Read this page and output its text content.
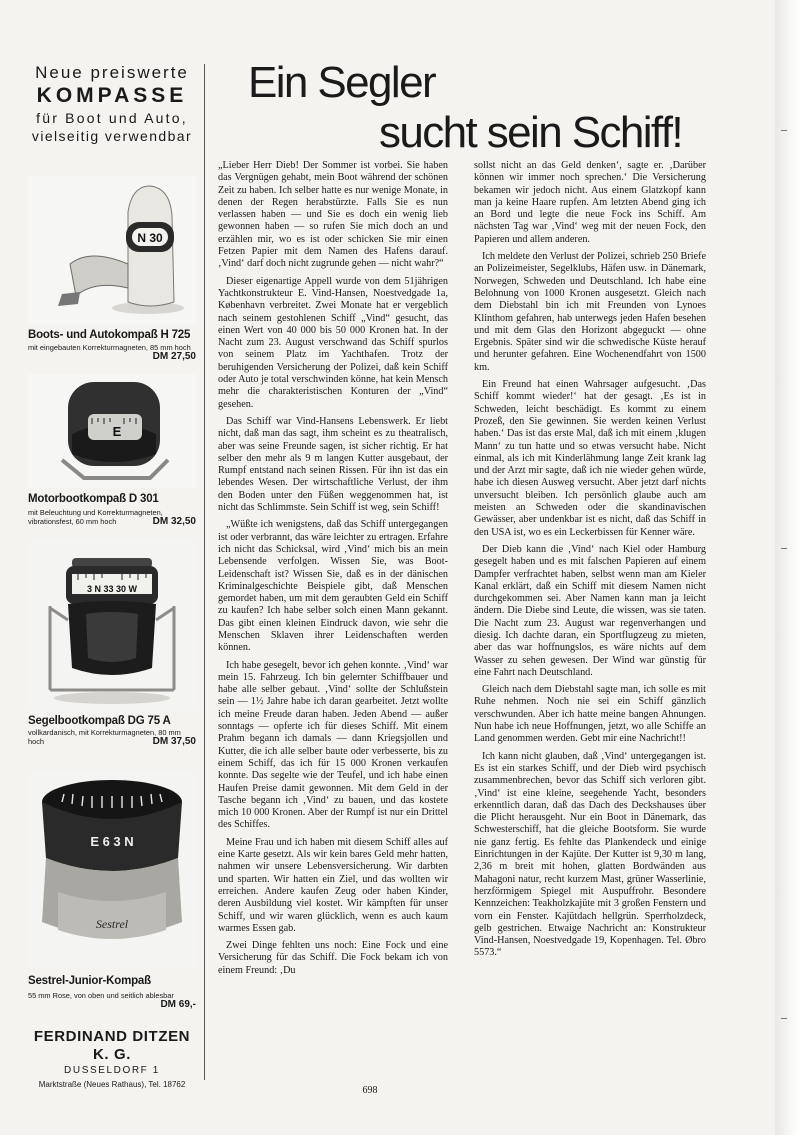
Neue preiswerte
KOMPASSE
für Boot und Auto,
vielseitig verwendbar
N 30
Boots- und Autokompaß H 725
mit eingebauten Korrekturmagneten, 85 mm hoch
DM 27,50
E
Motorbootkompaß D 301
mit Beleuchtung und Korrekturmagneten, vibrationsfest, 60 mm hoch	DM 32,50
3 N 33 30 W
Segelbootkompaß DG 75 A
vollkardanisch, mit Korrekturmagneten, 80 mm hoch	DM 37,50
E 6 3 N
Sestrel
Sestrel-Junior-Kompaß
55 mm Rose, von oben und seitlich ablesbar
DM 69,-
FERDINAND DITZEN K. G.
DUSSELDORF 1
Marktstraße (Neues Rathaus), Tel. 18762
Ein Segler
sucht sein Schiff!

„Lieber Herr Dieb! Der Sommer ist vorbei. Sie haben das Vergnügen gehabt, mein Boot während der schönen Zeit zu haben. Ich selber hatte es nur wenige Monate, in denen der Regen herabstürzte. Falls Sie es nun verlassen haben — und Sie es doch ein wenig lieb gewonnen haben — so rufen Sie mich doch an und erzählen mir, wo es ist oder schicken Sie mir einen Fetzen Papier mit dem Namen des Hafens darauf. ‚Vind‘ darf doch nicht zugrunde gehen — nicht wahr?“

Dieser eigenartige Appell wurde von dem 51jährigen Yachtkonstrukteur E. Vind-Hansen, Noestvedgade 1a, København verbreitet. Zwei Monate hat er vergeblich nach seinem gestohlenen Schiff „Vind“ gesucht, das einen Wert von 40 000 bis 50 000 Kronen hat. In der Nacht zum 23. August verschwand das Schiff spurlos von seinem Platz im Yachthafen. Trotz der beruhigenden Versicherung der Polizei, daß kein Schiff oder Auto je total verschwinden könne, hat kein Mensch mehr die charakteristischen Konturen der „Vind“ gesehen.

Das Schiff war Vind-Hansens Lebenswerk. Er liebt nicht, daß man das sagt, ihm scheint es zu theatralisch, aber was seine Freunde sagen, ist sicher richtig. Er hat selber den mehr als 9 m langen Kutter ausgebaut, der Rumpf entstand nach seinen Rissen. Für ihn ist das ein lebendes Wesen. Der wirtschaftliche Verlust, der ihm den Boden unter den Füßen weggenommen hat, ist nicht das Schlimmste. Sein Schiff ist weg, sein Schiff!

„Wüßte ich wenigstens, daß das Schiff untergegangen ist oder verbrannt, das wäre leichter zu ertragen. Erfahre ich nicht das Schicksal, wird ‚Vind‘ mich bis an mein Lebensende verfolgen. Wissen Sie, was Boot-Leidenschaft ist? Wissen Sie, daß es in der dänischen Kriminalgeschichte Beispiele gibt, daß Menschen gemordet haben, um mit dem geraubten Geld ein Schiff zu kaufen? Ich habe selber solch einen Mann gekannt. Das gibt einen kleinen Eindruck davon, wie sehr die Menschen Sklaven ihrer Leidenschaften werden können.

Ich habe gesegelt, bevor ich gehen konnte. ‚Vind‘ war mein 15. Fahrzeug. Ich bin gelernter Schiffbauer und habe alle selber gebaut. ‚Vind‘ sollte der Schlußstein sein — 1½ Jahre habe ich daran gearbeitet. Jetzt wollte ich meine Freude daran haben. Jeden Abend — außer sonntags — opferte ich für dieses Schiff. Mit einem Prahm begann ich damals — dann Kriegsjollen und Kutter, die ich alle selber baute oder verbesserte, bis zu einem Schiff, das ich für 15 000 Kronen verkaufen konnte. Das segelte wie der Teufel, und ich habe einen Haufen Preise damit gewonnen. Mit dem Geld in der Tasche begann ich ‚Vind‘ zu bauen, und das kostete mich 10 000 Kronen. Aber der Rumpf ist nur ein Drittel des Schiffes.

Meine Frau und ich haben mit diesem Schiff alles auf eine Karte gesetzt. Als wir kein bares Geld mehr hatten, nahmen wir unsere Lebensversicherung. Wir darbten und sparten. Wir hatten ein Ziel, und das wollten wir erreichen. Andere kaufen Zeug oder haben Kinder, deren Ausbildung viel kostet. Wir kämpften für unser Schiff, und wir waren glücklich, wenn es auch kaum warmes Essen gab.

Zwei Dinge fehlten uns noch: Eine Fock und eine Versicherung für das Schiff. Die Fock bekam ich von einem Freund: ‚Du

sollst nicht an das Geld denken‘, sagte er. ‚Darüber können wir immer noch sprechen.‘ Die Versicherung bekamen wir jedoch nicht. Aus einem Glatzkopf kann man ja keine Haare rupfen. Am letzten Abend ging ich an Bord und legte die neue Fock ins Schiff. Am nächsten Tag war ‚Vind‘ weg mit der neuen Fock, den Papieren und allem anderen.

Ich meldete den Verlust der Polizei, schrieb 250 Briefe an Polizeimeister, Segelklubs, Häfen usw. in Dänemark, Norwegen, Schweden und Deutschland. Ich habe eine Belohnung von 1000 Kronen ausgesetzt. Gleich nach dem Diebstahl bin ich mit Freunden von Lynoes Klinthom gefahren, hab unterwegs jeden Hafen besehen und mit dem Glas den Horizont abgeguckt — ohne Ergebnis. Später sind wir die schwedische Küste herauf und herunter gefahren. Eine Wochenendfahrt von 1500 km.

Ein Freund hat einen Wahrsager aufgesucht. ‚Das Schiff kommt wieder!‘ hat der gesagt. ‚Es ist in Schweden, leicht beschädigt. Es kommt zu einem Prozeß, den Sie gewinnen. Sie werden keinen Verlust haben.‘ Das ist das erste Mal, daß ich mit einem ‚klugen Mann‘ zu tun hatte und so etwas versucht habe. Nicht einmal, als ich mit Kinderlähmung lange Zeit krank lag und der Arzt mir sagte, daß ich nie wieder gehen würde, habe ich diesen Ausweg versucht. Aber jetzt darf nichts unversucht bleiben. Ich persönlich glaube auch am meisten an Schweden oder die skandinavischen Gewässer, aber undenkbar ist es nicht, daß das Schiff in den USA ist, wo es ein Leckerbissen für Kenner wäre.

Der Dieb kann die ‚Vind‘ nach Kiel oder Hamburg gesegelt haben und es mit falschen Papieren auf einem Dampfer verfrachtet haben, selbst wenn man am Kieler Kanal erklärt, daß ein Schiff mit diesem Namen nicht durchgekommen sei. Aber Namen kann man ja leicht ändern. Die Diebe sind Leute, die wissen, was sie taten. Die Nacht zum 23. August war regenverhangen und diesig. Ich dachte daran, ein Sportflugzeug zu mieten, aber das war hoffnungslos, es wäre nichts auf dem Wasser zu sehen gewesen. Der Wind war günstig für eine Fahrt nach Deutschland.

Gleich nach dem Diebstahl sagte man, ich solle es mit Ruhe nehmen. Noch nie sei ein Schiff gänzlich verschwunden. Aber ich hatte meine bangen Ahnungen. Nun habe ich neue Hoffnungen, jetzt, wo alle Schiffe an Land genommen werden. Gebt mir eine Nachricht!!

Ich kann nicht glauben, daß ‚Vind‘ untergegangen ist. Es ist ein starkes Schiff, und der Dieb wird psychisch zusammenbrechen, bevor das Schiff sich verloren gibt. ‚Vind‘ ist eine kleine, seegehende Yacht, besonders erkenntlich daran, daß das Dach des Deckshauses über die Plicht herausgeht. Nur ein Boot in Dänemark, das Schwesterschiff, hat die gleiche Bootsform. Sie wurde nie ganz fertig. Es fehlte das Plankendeck und einige Einrichtungen in der Kajüte. Der Kutter ist 9,30 m lang, 2,36 m breit mit hohen, glatten Bordwänden aus Mahagoni natur, recht kurzem Mast, grüner Wasserlinie, herzförmigem Spiegel mit Auspuffrohr. Besondere Kennzeichen: Teakholzkajüte mit 3 großen Fenstern und vorn ein Fenster. Kajütdach hellgrün. Sperrholzdeck, gelb gestrichen. Etwaige Nachricht an: Konstrukteur Vind-Hansen, Noestvedgade 19, Kopenhagen. Tel. Øbro 5573.“

698
